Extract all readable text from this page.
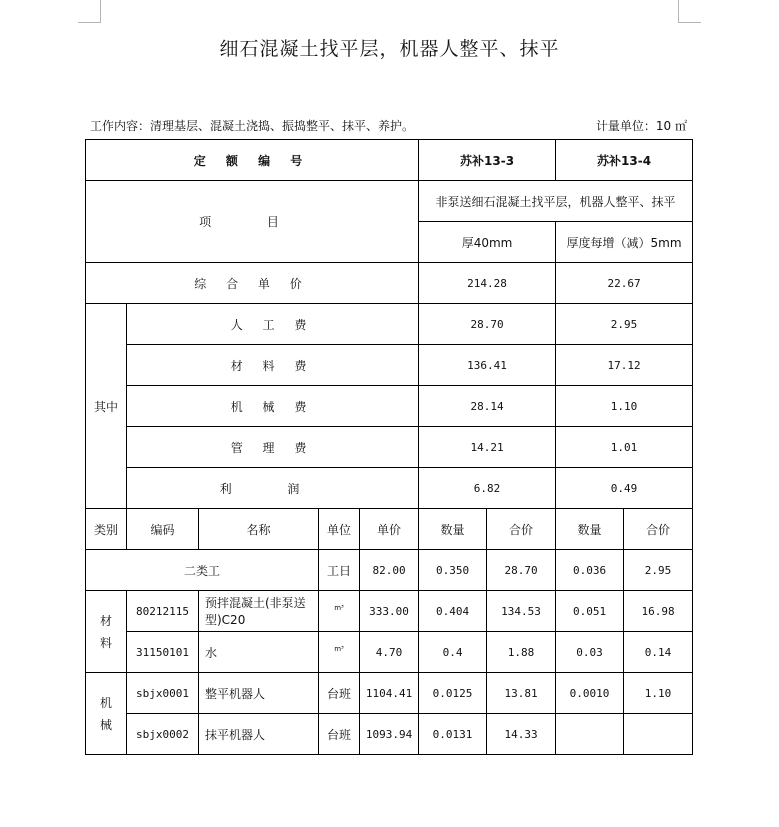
细石混凝土找平层，机器人整平、抹平
工作内容：清理基层、混凝土浇捣、振捣整平、抹平、养护。	计量单位：10 ㎡
定 额 编 号					苏补13-3		苏补13-4	
项 目					非泵送细石混凝土找平层，机器人整平、抹平			
					厚40mm		厚度每增（减）5mm	
综 合 单 价					214.28		22.67	
其中	人 工 费				28.70		2.95	
	材 料 费				136.41		17.12	
	机 械 费				28.14		1.10	
	管 理 费				14.21		1.01	
	利 润				6.82		0.49	
类别	编码	名称	单位	单价	数量	合价	数量	合价
二类工			工日	82.00	0.350	28.70	0.036	2.95
材料	80212115	预拌混凝土(非泵送型)C20	$^{m^3}$	333.00	0.404	134.53	0.051	16.98
	31150101	水	$^{m^3}$	4.70	0.4	1.88	0.03	0.14
机械	sbjx0001	整平机器人	台班	1104.41	0.0125	13.81	0.0010	1.10
	sbjx0002	抹平机器人	台班	1093.94	0.0131	14.33		
